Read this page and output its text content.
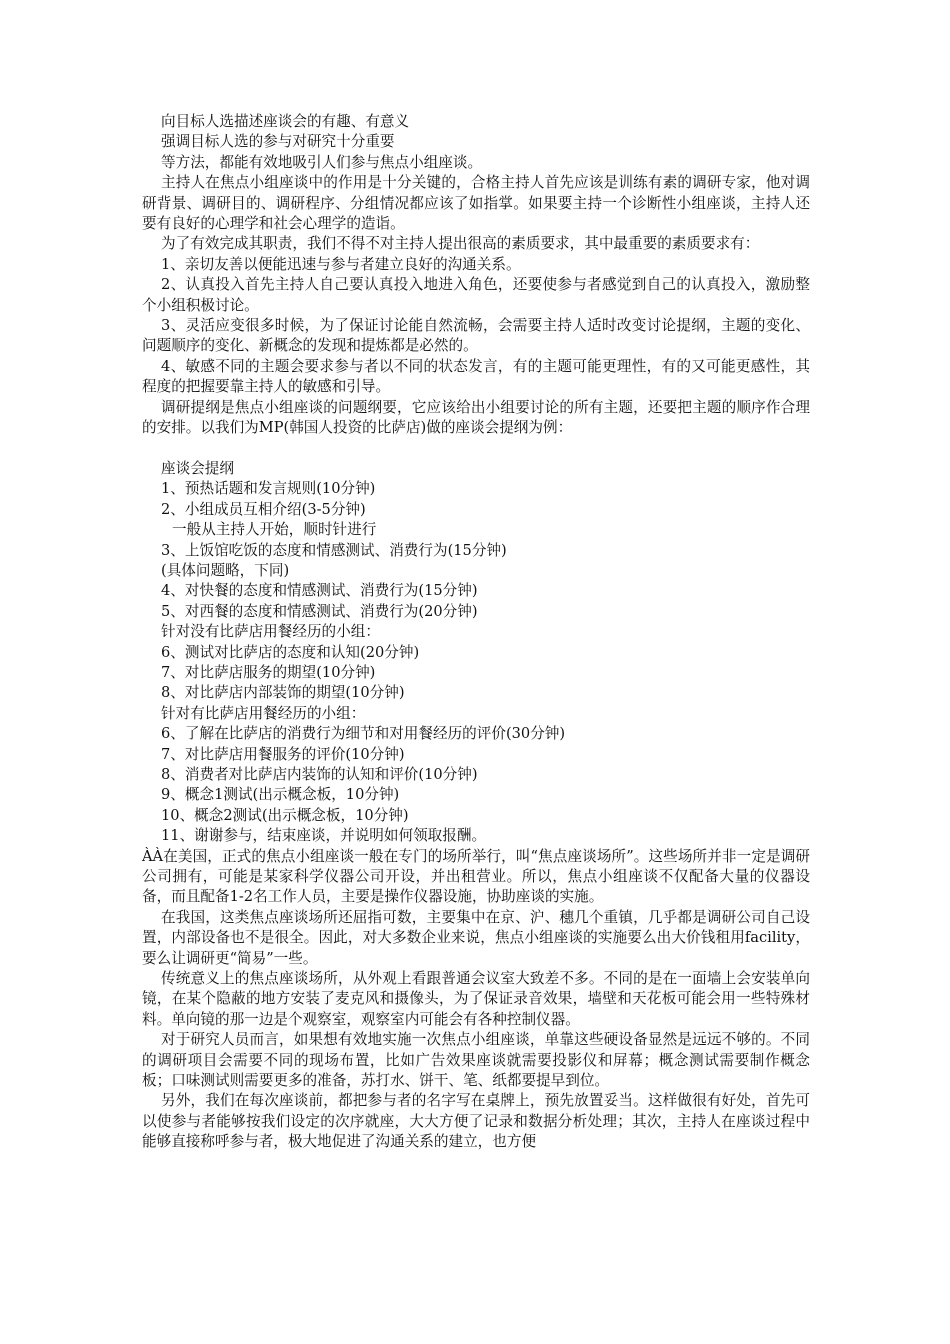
向目标人选描述座谈会的有趣、有意义

强调目标人选的参与对研究十分重要

等方法，都能有效地吸引人们参与焦点小组座谈。

主持人在焦点小组座谈中的作用是十分关键的，合格主持人首先应该是训练有素的调研专家，他对调研背景、调研目的、调研程序、分组情况都应该了如指掌。如果要主持一个诊断性小组座谈，主持人还要有良好的心理学和社会心理学的造诣。

为了有效完成其职责，我们不得不对主持人提出很高的素质要求，其中最重要的素质要求有：

1、亲切友善以便能迅速与参与者建立良好的沟通关系。

2、认真投入首先主持人自己要认真投入地进入角色，还要使参与者感觉到自己的认真投入，激励整个小组积极讨论。

3、灵活应变很多时候，为了保证讨论能自然流畅，会需要主持人适时改变讨论提纲，主题的变化、问题顺序的变化、新概念的发现和提炼都是必然的。

4、敏感不同的主题会要求参与者以不同的状态发言，有的主题可能更理性，有的又可能更感性，其程度的把握要靠主持人的敏感和引导。

调研提纲是焦点小组座谈的问题纲要，它应该给出小组要讨论的所有主题，还要把主题的顺序作合理的安排。以我们为MP(韩国人投资的比萨店)做的座谈会提纲为例：

座谈会提纲

1、预热话题和发言规则(10分钟)

2、小组成员互相介绍(3-5分钟)

一般从主持人开始，顺时针进行

3、上饭馆吃饭的态度和情感测试、消费行为(15分钟)

(具体问题略，下同)

4、对快餐的态度和情感测试、消费行为(15分钟)

5、对西餐的态度和情感测试、消费行为(20分钟)

针对没有比萨店用餐经历的小组：

6、测试对比萨店的态度和认知(20分钟)

7、对比萨店服务的期望(10分钟)

8、对比萨店内部装饰的期望(10分钟)

针对有比萨店用餐经历的小组：

6、了解在比萨店的消费行为细节和对用餐经历的评价(30分钟)

7、对比萨店用餐服务的评价(10分钟)

8、消费者对比萨店内装饰的认知和评价(10分钟)

9、概念1测试(出示概念板，10分钟)

10、概念2测试(出示概念板，10分钟)

11、谢谢参与，结束座谈，并说明如何领取报酬。

ÀÀ在美国，正式的焦点小组座谈一般在专门的场所举行，叫“焦点座谈场所”。这些场所并非一定是调研公司拥有，可能是某家科学仪器公司开设，并出租营业。所以，焦点小组座谈不仅配备大量的仪器设备，而且配备1-2名工作人员，主要是操作仪器设施，协助座谈的实施。

在我国，这类焦点座谈场所还屈指可数，主要集中在京、沪、穗几个重镇，几乎都是调研公司自己设置，内部设备也不是很全。因此，对大多数企业来说，焦点小组座谈的实施要么出大价钱租用facility，要么让调研更“简易”一些。

传统意义上的焦点座谈场所，从外观上看跟普通会议室大致差不多。不同的是在一面墙上会安装单向镜，在某个隐蔽的地方安装了麦克风和摄像头，为了保证录音效果，墙壁和天花板可能会用一些特殊材料。单向镜的那一边是个观察室，观察室内可能会有各种控制仪器。

对于研究人员而言，如果想有效地实施一次焦点小组座谈，单靠这些硬设备显然是远远不够的。不同的调研项目会需要不同的现场布置，比如广告效果座谈就需要投影仪和屏幕；概念测试需要制作概念板；口味测试则需要更多的准备，苏打水、饼干、笔、纸都要提早到位。

另外，我们在每次座谈前，都把参与者的名字写在桌牌上，预先放置妥当。这样做很有好处，首先可以使参与者能够按我们设定的次序就座，大大方便了记录和数据分析处理；其次，主持人在座谈过程中能够直接称呼参与者，极大地促进了沟通关系的建立，也方便
